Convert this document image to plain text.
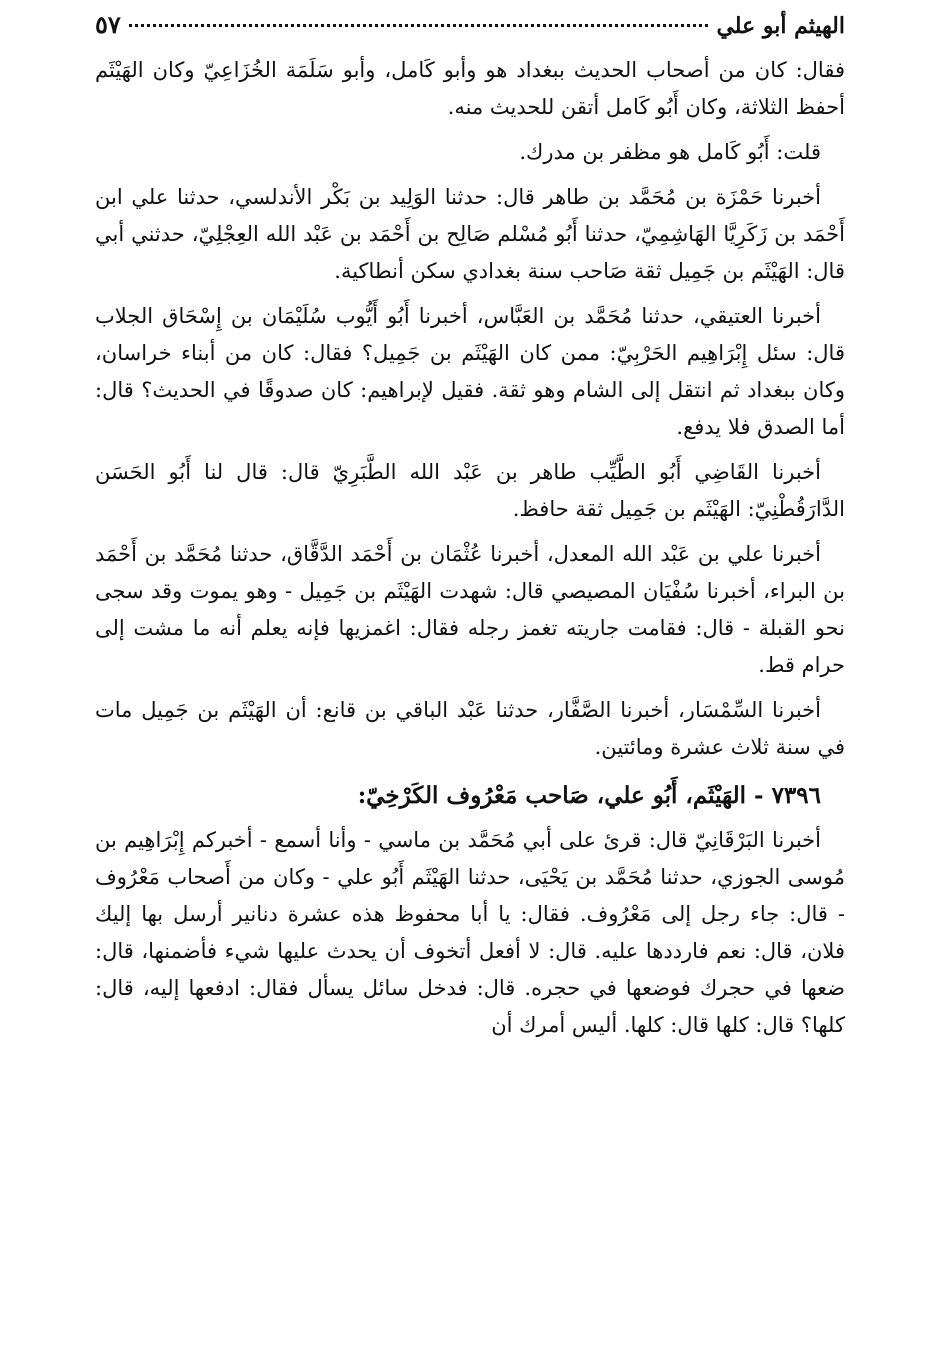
الهيثم أبو علي
٥٧

فقال: كان من أصحاب الحديث ببغداد هو وأبو كَامل، وأبو سَلَمَة الخُزَاعِيّ وكان الهَيْثَم أحفظ الثلاثة، وكان أَبُو كَامل أتقن للحديث منه.

قلت: أَبُو كَامل هو مظفر بن مدرك.

أخبرنا حَمْزَة بن مُحَمَّد بن طاهر قال: حدثنا الوَلِيد بن بَكْر الأندلسي، حدثنا علي ابن أَحْمَد بن زَكَرِيَّا الهَاشِمِيّ، حدثنا أَبُو مُسْلم صَالِح بن أَحْمَد بن عَبْد الله العِجْلِيّ، حدثني أبي قال: الهَيْثَم بن جَمِيل ثقة صَاحب سنة بغدادي سكن أنطاكية.

أخبرنا العتيقي، حدثنا مُحَمَّد بن العَبَّاس، أخبرنا أَبُو أَيُّوب سُلَيْمَان بن إِسْحَاق الجلاب قال: سئل إِبْرَاهِيم الحَرْبِيّ: ممن كان الهَيْثَم بن جَمِيل؟ فقال: كان من أبناء خراسان، وكان ببغداد ثم انتقل إلى الشام وهو ثقة. فقيل لإبراهيم: كان صدوقًا في الحديث؟ قال: أما الصدق فلا يدفع.

أخبرنا القَاضِي أَبُو الطَّيِّب طاهر بن عَبْد الله الطَّبَرِيّ قال: قال لنا أَبُو الحَسَن الدَّارَقُطْنِيّ: الهَيْثَم بن جَمِيل ثقة حافظ.

أخبرنا علي بن عَبْد الله المعدل، أخبرنا عُثْمَان بن أَحْمَد الدَّقَّاق، حدثنا مُحَمَّد بن أَحْمَد بن البراء، أخبرنا سُفْيَان المصيصي قال: شهدت الهَيْثَم بن جَمِيل - وهو يموت وقد سجى نحو القبلة - قال: فقامت جاريته تغمز رجله فقال: اغمزيها فإنه يعلم أنه ما مشت إلى حرام قط.

أخبرنا السِّمْسَار، أخبرنا الصَّفَّار، حدثنا عَبْد الباقي بن قانع: أن الهَيْثَم بن جَمِيل مات في سنة ثلاث عشرة ومائتين.

٧٣٩٦ - الهَيْثَم، أَبُو علي، صَاحب مَعْرُوف الكَرْخِيّ:

أخبرنا البَرْقَانِيّ قال: قرئ على أبي مُحَمَّد بن ماسي - وأنا أسمع - أخبركم إِبْرَاهِيم بن مُوسى الجوزي، حدثنا مُحَمَّد بن يَحْيَى، حدثنا الهَيْثَم أَبُو علي - وكان من أَصحاب مَعْرُوف - قال: جاء رجل إلى مَعْرُوف. فقال: يا أبا محفوظ هذه عشرة دنانير أرسل بها إليك فلان، قال: نعم فارددها عليه. قال: لا أفعل أتخوف أن يحدث عليها شيء فأضمنها، قال: ضعها في حجرك فوضعها في حجره. قال: فدخل سائل يسأل فقال: ادفعها إليه، قال: كلها؟ قال: كلها قال: كلها. أليس أمرك أن
